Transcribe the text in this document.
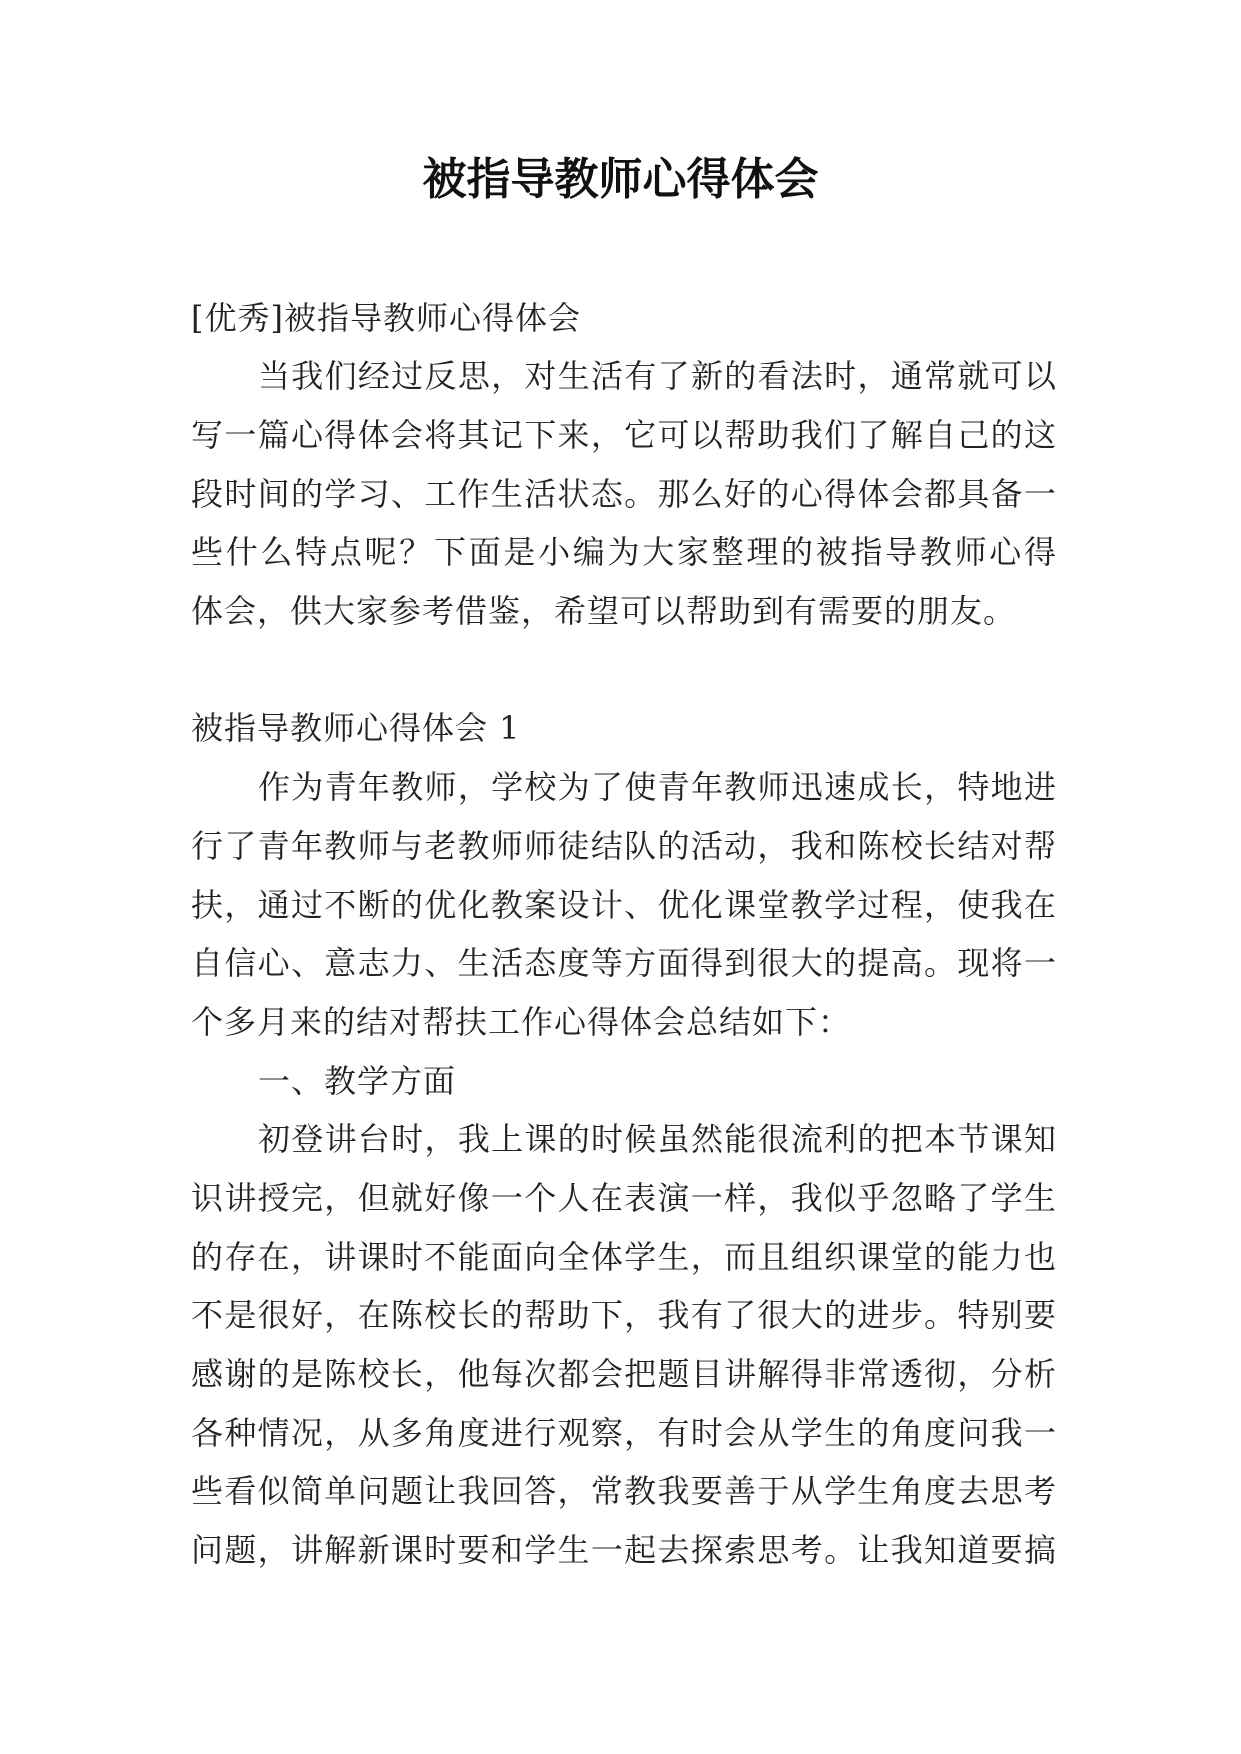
被指导教师心得体会
[优秀]被指导教师心得体会
当我们经过反思，对生活有了新的看法时，通常就可以
写一篇心得体会将其记下来，它可以帮助我们了解自己的这
段时间的学习、工作生活状态。那么好的心得体会都具备一
些什么特点呢？下面是小编为大家整理的被指导教师心得
体会，供大家参考借鉴，希望可以帮助到有需要的朋友。
被指导教师心得体会 1
作为青年教师，学校为了使青年教师迅速成长，特地进
行了青年教师与老教师师徒结队的活动，我和陈校长结对帮
扶，通过不断的优化教案设计、优化课堂教学过程，使我在
自信心、意志力、生活态度等方面得到很大的提高。现将一
个多月来的结对帮扶工作心得体会总结如下：
一、教学方面
初登讲台时，我上课的时候虽然能很流利的把本节课知
识讲授完，但就好像一个人在表演一样，我似乎忽略了学生
的存在，讲课时不能面向全体学生，而且组织课堂的能力也
不是很好，在陈校长的帮助下，我有了很大的进步。特别要
感谢的是陈校长，他每次都会把题目讲解得非常透彻，分析
各种情况，从多角度进行观察，有时会从学生的角度问我一
些看似简单问题让我回答，常教我要善于从学生角度去思考
问题，讲解新课时要和学生一起去探索思考。让我知道要搞
